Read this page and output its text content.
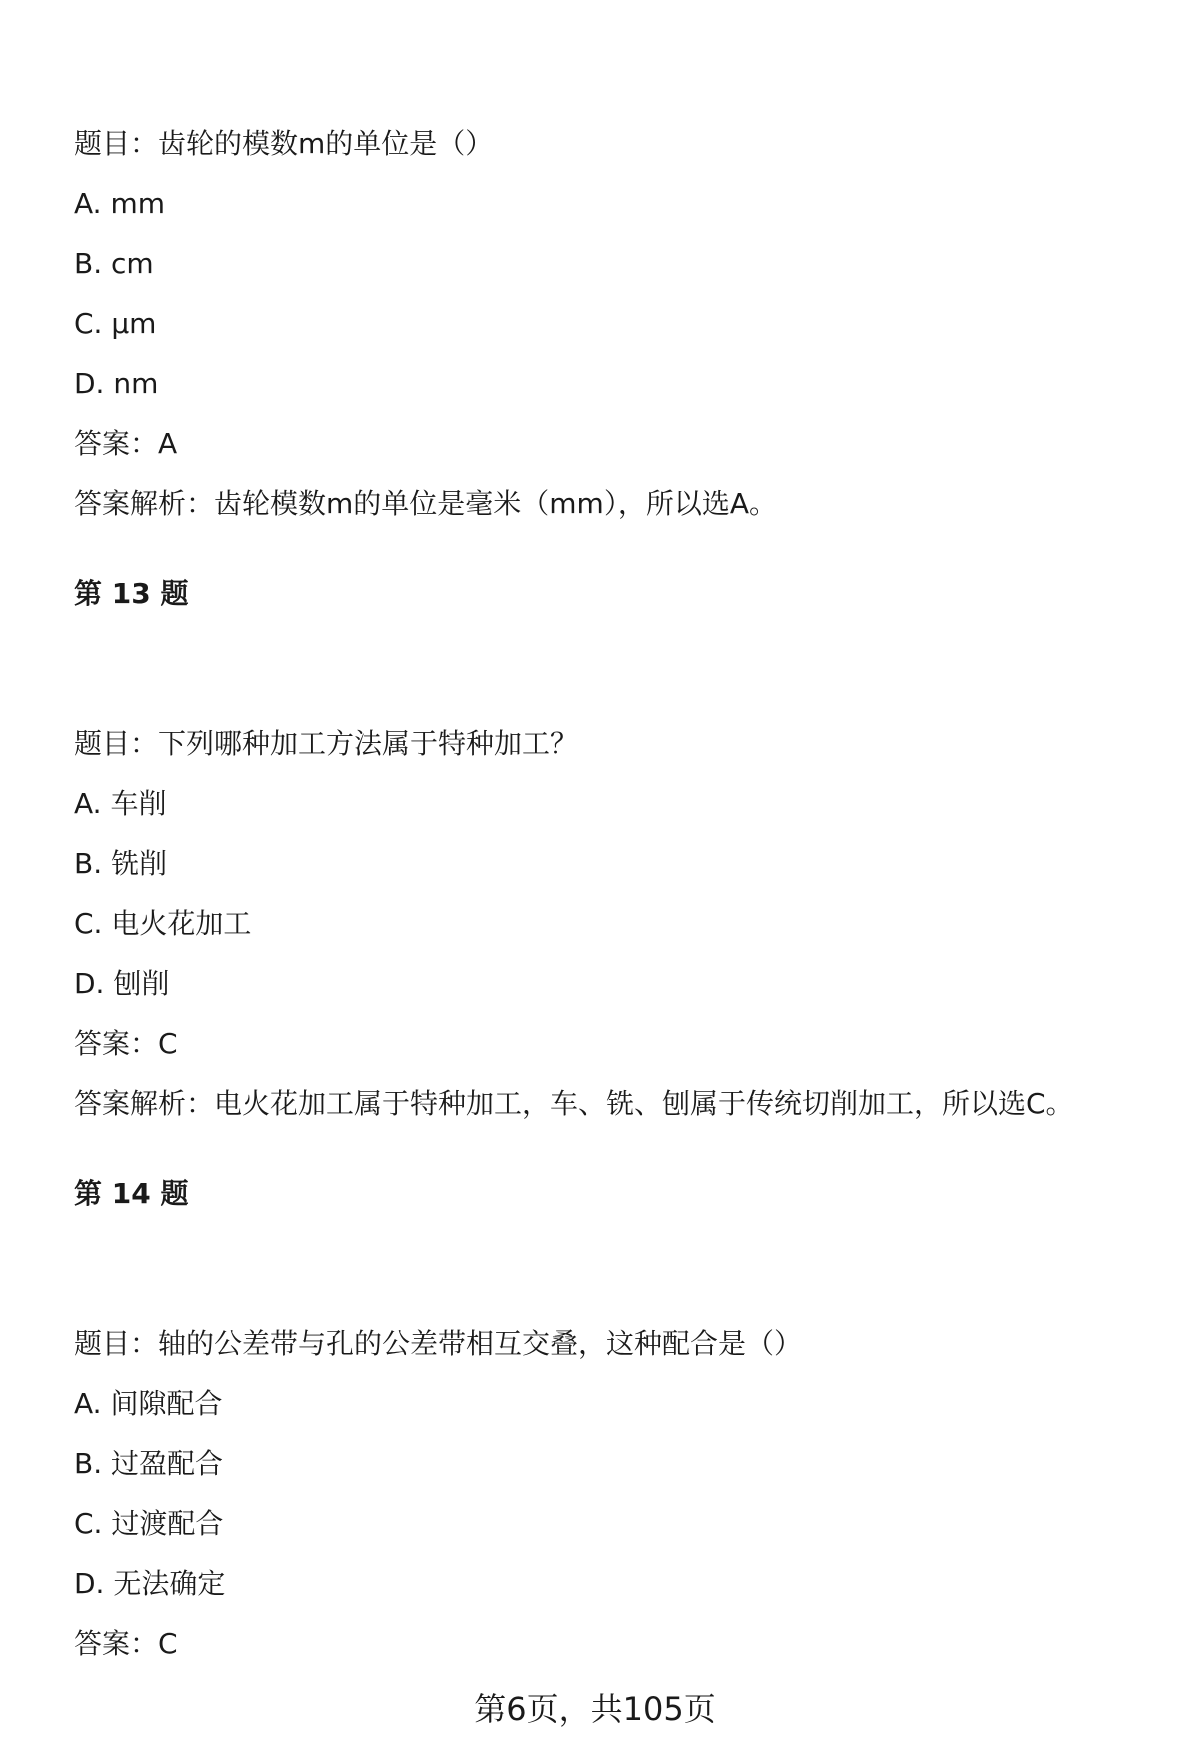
题目：齿轮的模数m的单位是（）
A. mm
B. cm
C. μm
D. nm
答案：A
答案解析：齿轮模数m的单位是毫米（mm），所以选A。
第 13 题
题目：下列哪种加工方法属于特种加工？
A. 车削
B. 铣削
C. 电火花加工
D. 刨削
答案：C
答案解析：电火花加工属于特种加工，车、铣、刨属于传统切削加工，所以选C。
第 14 题
题目：轴的公差带与孔的公差带相互交叠，这种配合是（）
A. 间隙配合
B. 过盈配合
C. 过渡配合
D. 无法确定
答案：C
第6页，共105页
